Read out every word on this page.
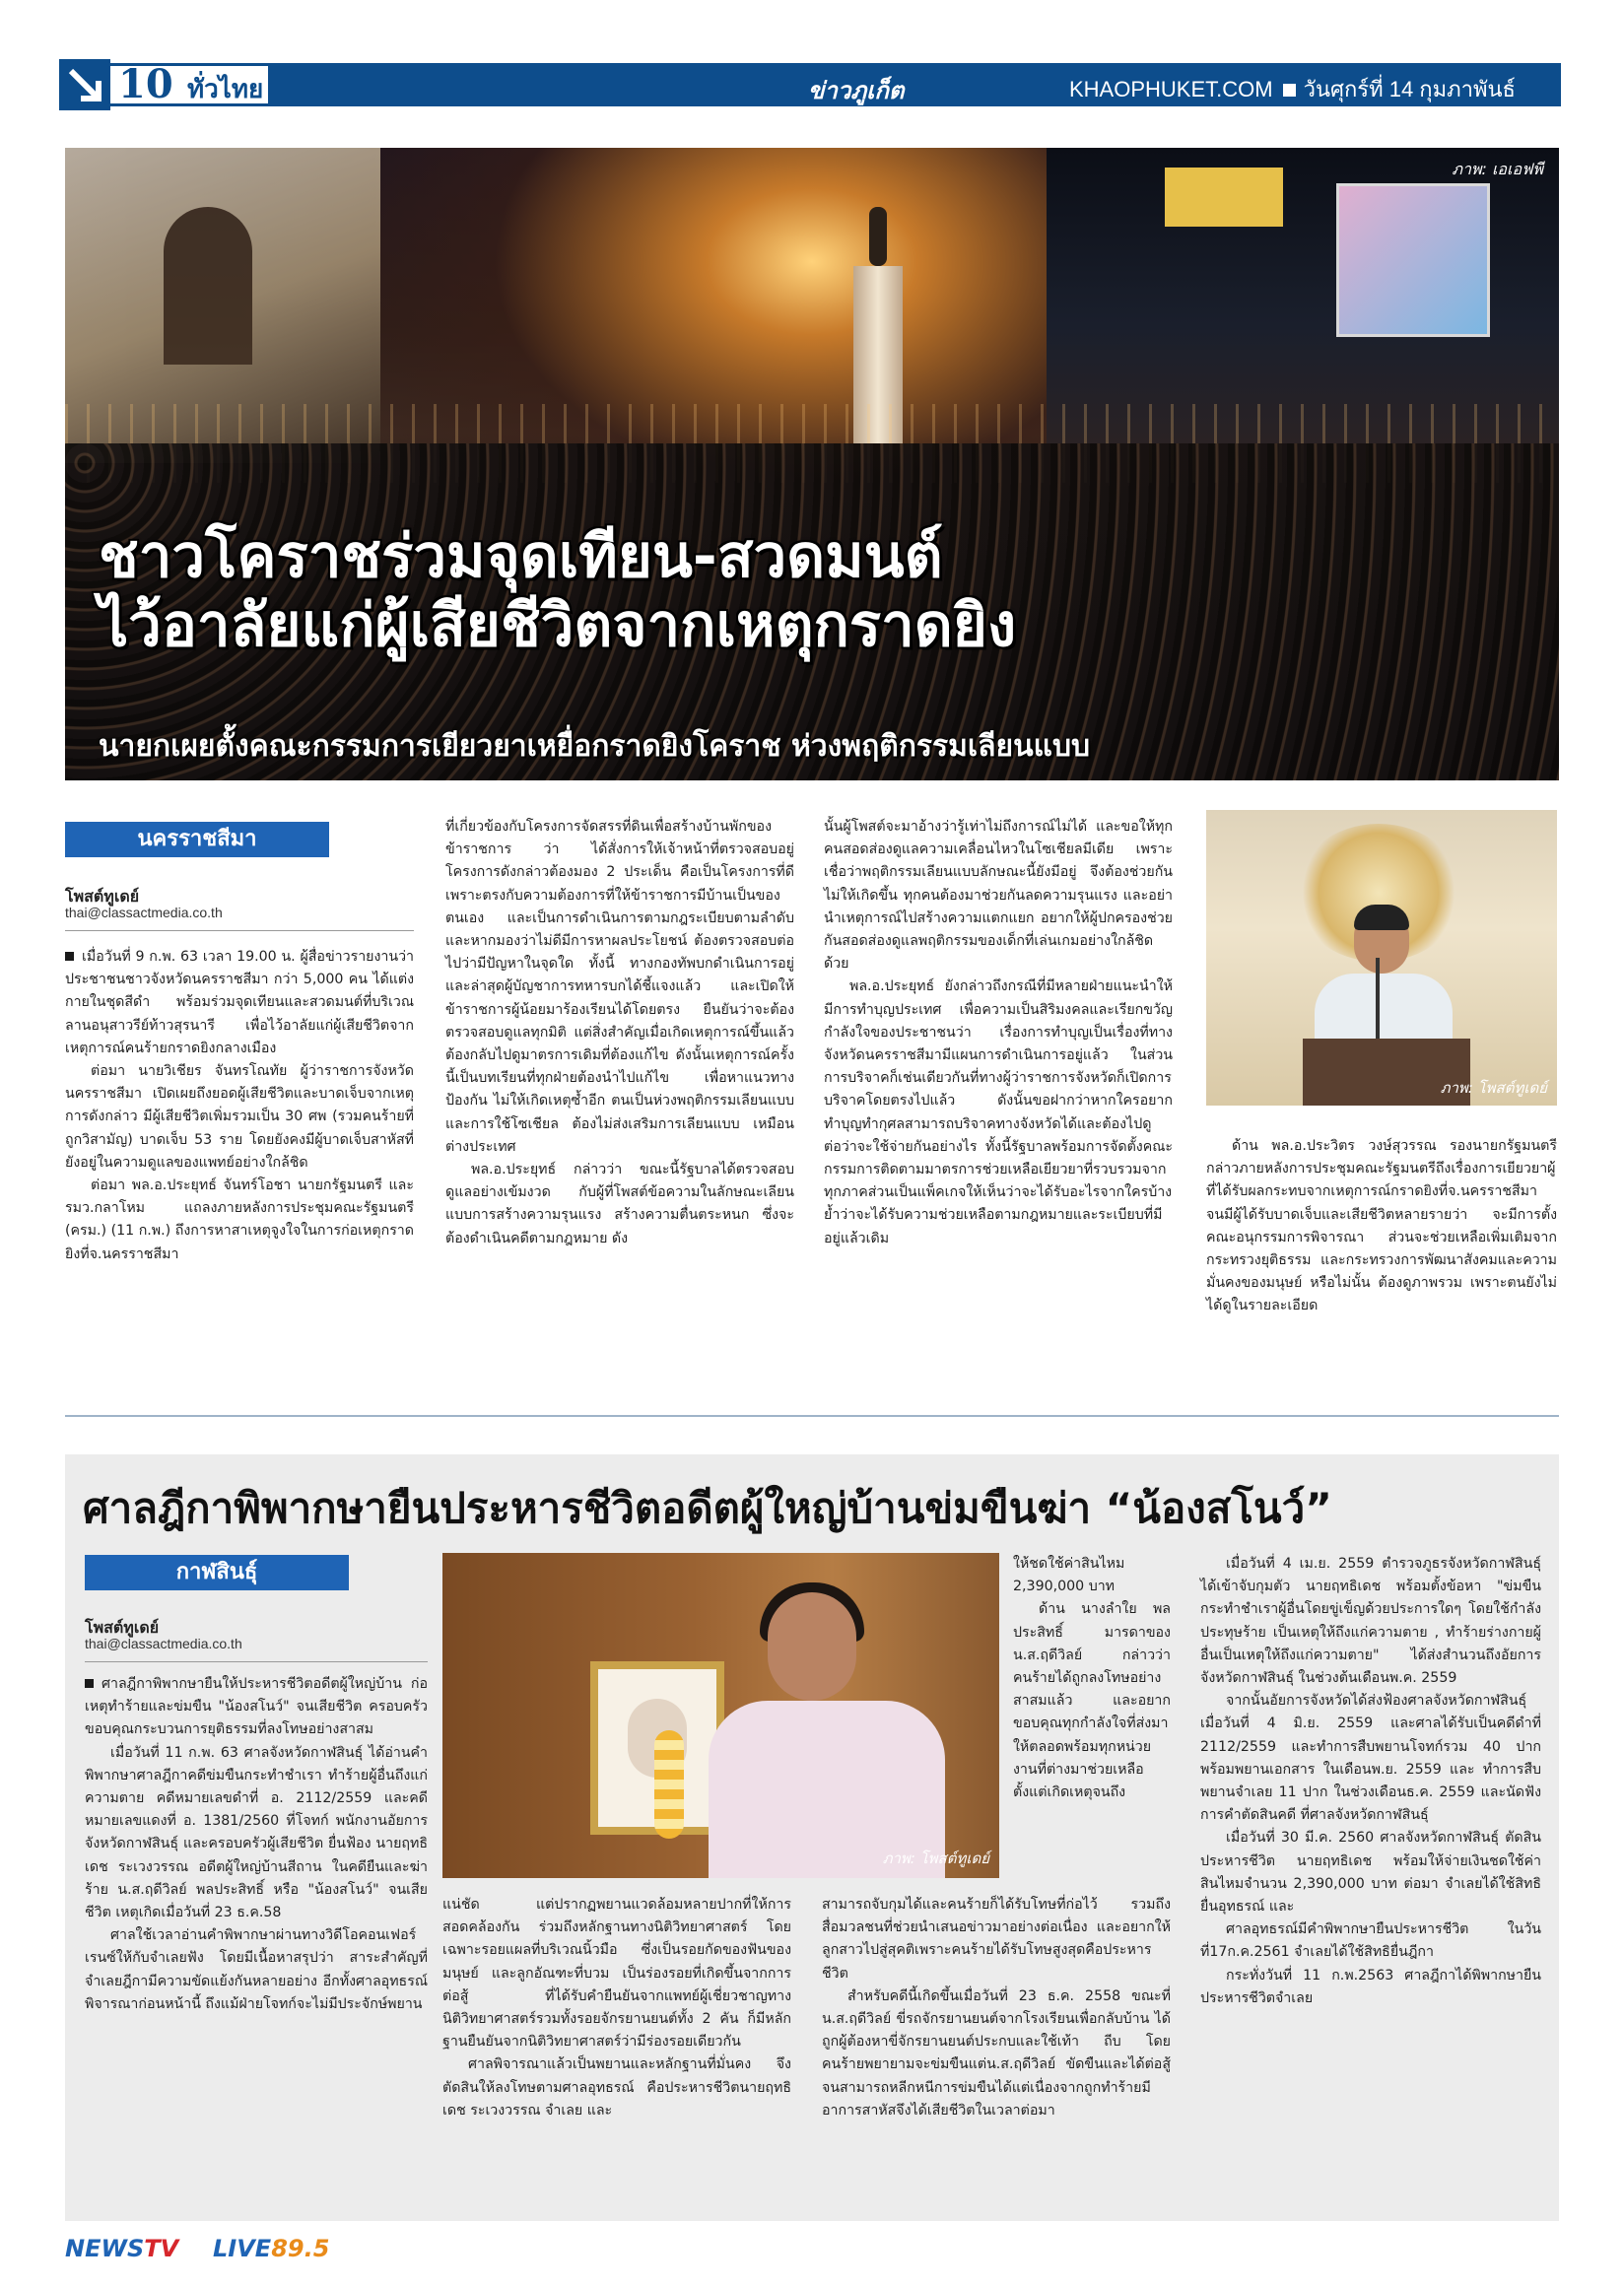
10 ทั่วไทย	ข่าวภูเก็ต	KHAOPHUKET.COM วันศุกร์ที่ 14 กุมภาพันธ์ 2563
ภาพ: เอเอฟพี
ชาวโคราชร่วมจุดเทียน-สวดมนต์
ไว้อาลัยแก่ผู้เสียชีวิตจากเหตุกราดยิง
นายกเผยตั้งคณะกรรมการเยียวยาเหยื่อกราดยิงโคราช ห่วงพฤติกรรมเลียนแบบ
นครราชสีมา
โพสต์ทูเดย์
thai@classactmedia.co.th

เมื่อวันที่ 9 ก.พ. 63 เวลา 19.00 น. ผู้สื่อข่าวรายงานว่า ประชาชนชาวจังหวัดนครราชสีมา กว่า 5,000 คน ได้แต่งกายในชุดสีดำ พร้อมร่วมจุดเทียนและสวดมนต์ที่บริเวณ ลานอนุสาวรีย์ท้าวสุรนารี เพื่อไว้อาลัยแก่ผู้เสียชีวิตจากเหตุการณ์คนร้ายกราดยิงกลางเมือง

ต่อมา นายวิเชียร จันทรโณทัย ผู้ว่าราชการจังหวัดนครราชสีมา เปิดเผยถึงยอดผู้เสียชีวิตและบาดเจ็บจากเหตุการดังกล่าว มีผู้เสียชีวิตเพิ่มรวมเป็น 30 ศพ (รวมคนร้ายที่ถูกวิสามัญ) บาดเจ็บ 53 ราย โดยยังคงมีผู้บาดเจ็บสาหัสที่ยังอยู่ในความดูแลของแพทย์อย่างใกล้ชิด

ต่อมา พล.อ.ประยุทธ์ จันทร์โอชา นายกรัฐมนตรี และรมว.กลาโหม แถลงภายหลังการประชุมคณะรัฐมนตรี (ครม.) (11 ก.พ.) ถึงการหาสาเหตุจูงใจในการก่อเหตุกราดยิงที่จ.นครราชสีมา

ที่เกี่ยวข้องกับโครงการจัดสรรที่ดินเพื่อสร้างบ้านพักของข้าราชการ ว่า ได้สั่งการให้เจ้าหน้าที่ตรวจสอบอยู่ โครงการดังกล่าวต้องมอง 2 ประเด็น คือเป็นโครงการที่ดี เพราะตรงกับความต้องการที่ให้ข้าราชการมีบ้านเป็นของตนเอง และเป็นการดำเนินการตามกฎระเบียบตามลำดับ และหากมองว่าไม่ดีมีการหาผลประโยชน์ ต้องตรวจสอบต่อไปว่ามีปัญหาในจุดใด ทั้งนี้ ทางกองทัพบกดำเนินการอยู่ และล่าสุดผู้บัญชาการทหารบกได้ชี้แจงแล้ว และเปิดให้ข้าราชการผู้น้อยมาร้องเรียนได้โดยตรง ยืนยันว่าจะต้องตรวจสอบดูแลทุกมิติ แต่สิ่งสำคัญเมื่อเกิดเหตุการณ์ขึ้นแล้ว ต้องกลับไปดูมาตรการเดิมที่ต้องแก้ไข ดังนั้นเหตุการณ์ครั้งนี้เป็นบทเรียนที่ทุกฝ่ายต้องนำไปแก้ไข เพื่อหาแนวทางป้องกัน ไม่ให้เกิดเหตุซ้ำอีก ตนเป็นห่วงพฤติกรรมเลียนแบบ และการใช้โซเชียล ต้องไม่ส่งเสริมการเลียนแบบ เหมือนต่างประเทศ

พล.อ.ประยุทธ์ กล่าวว่า ขณะนี้รัฐบาลได้ตรวจสอบดูแลอย่างเข้มงวด กับผู้ที่โพสต์ข้อความในลักษณะเลียนแบบการสร้างความรุนแรง สร้างความตื่นตระหนก ซึ่งจะต้องดำเนินคดีตามกฎหมาย ดัง

นั้นผู้โพสต์จะมาอ้างว่ารู้เท่าไม่ถึงการณ์ไม่ได้ และขอให้ทุกคนสอดส่องดูแลความเคลื่อนไหวในโซเชียลมีเดีย เพราะเชื่อว่าพฤติกรรมเลียนแบบลักษณะนี้ยังมีอยู่ จึงต้องช่วยกันไม่ให้เกิดขึ้น ทุกคนต้องมาช่วยกันลดความรุนแรง และอย่านำเหตุการณ์ไปสร้างความแตกแยก อยากให้ผู้ปกครองช่วยกันสอดส่องดูแลพฤติกรรมของเด็กที่เล่นเกมอย่างใกล้ชิดด้วย

พล.อ.ประยุทธ์ ยังกล่าวถึงกรณีที่มีหลายฝ่ายแนะนำให้มีการทำบุญประเทศ เพื่อความเป็นสิริมงคลและเรียกขวัญกำลังใจของประชาชนว่า เรื่องการทำบุญเป็นเรื่องที่ทางจังหวัดนครราชสีมามีแผนการดำเนินการอยู่แล้ว ในส่วนการบริจาคก็เช่นเดียวกันที่ทางผู้ว่าราชการจังหวัดก็เปิดการบริจาคโดยตรงไปแล้ว ดังนั้นขอฝากว่าหากใครอยากทำบุญทำกุศลสามารถบริจาคทางจังหวัดได้และต้องไปดูต่อว่าจะใช้จ่ายกันอย่างไร ทั้งนี้รัฐบาลพร้อมการจัดตั้งคณะกรรมการติดตามมาตรการช่วยเหลือเยียวยาที่รวบรวมจากทุกภาคส่วนเป็นแพ็คเกจให้เห็นว่าจะได้รับอะไรจากใครบ้าง ย้ำว่าจะได้รับความช่วยเหลือตามกฎหมายและระเบียบที่มีอยู่แล้วเดิม

ภาพ: โพสต์ทูเดย์

ด้าน พล.อ.ประวิตร วงษ์สุวรรณ รองนายกรัฐมนตรี กล่าวภายหลังการประชุมคณะรัฐมนตรีถึงเรื่องการเยียวยาผู้ที่ได้รับผลกระทบจากเหตุการณ์กราดยิงที่จ.นครราชสีมา จนมีผู้ได้รับบาดเจ็บและเสียชีวิตหลายรายว่า จะมีการตั้งคณะอนุกรรมการพิจารณา ส่วนจะช่วยเหลือเพิ่มเติมจากกระทรวงยุติธรรม และกระทรวงการพัฒนาสังคมและความมั่นคงของมนุษย์ หรือไม่นั้น ต้องดูภาพรวม เพราะตนยังไม่ได้ดูในรายละเอียด

ศาลฎีกาพิพากษายืนประหารชีวิตอดีตผู้ใหญ่บ้านข่มขืนฆ่า “น้องสโนว์”
กาฬสินธุ์
โพสต์ทูเดย์
thai@classactmedia.co.th

ศาลฎีกาพิพากษายืนให้ประหารชีวิตอดีตผู้ใหญ่บ้าน ก่อเหตุทำร้ายและข่มขืน "น้องสโนว์" จนเสียชีวิต ครอบครัวขอบคุณกระบวนการยุติธรรมที่ลงโทษอย่างสาสม

เมื่อวันที่ 11 ก.พ. 63 ศาลจังหวัดกาฬสินธุ์ ได้อ่านคำพิพากษาศาลฎีกาคดีข่มขืนกระทำชำเรา ทำร้ายผู้อื่นถึงแก่ความตาย คดีหมายเลขดำที่ อ. 2112/2559 และคดีหมายเลขแดงที่ อ. 1381/2560 ที่โจทก์ พนักงานอัยการจังหวัดกาฬสินธุ์ และครอบครัวผู้เสียชีวิต ยื่นฟ้อง นายฤทธิเดช ระเวงวรรณ อดีตผู้ใหญ่บ้านสีถาน ในคดียืนและฆ่าร้าย น.ส.ฤดีวิลย์ พลประสิทธิ์ หรือ "น้องสโนว์" จนเสียชีวิต เหตุเกิดเมื่อวันที่ 23 ธ.ค.58

ศาลใช้เวลาอ่านคำพิพากษาผ่านทางวิดีโอคอนเฟอร์เรนซ์ให้กับจำเลยฟัง โดยมีเนื้อหาสรุปว่า สาระสำคัญที่จำเลยฎีกามีความขัดแย้งกันหลายอย่าง อีกทั้งศาลอุทธรณ์พิจารณาก่อนหน้านี้ ถึงแม้ฝ่ายโจทก์จะไม่มีประจักษ์พยาน

ภาพ: โพสต์ทูเดย์

แน่ชัด แต่ปรากฏพยานแวดล้อมหลายปากที่ให้การสอดคล้องกัน ร่วมถึงหลักฐานทางนิติวิทยาศาสตร์ โดยเฉพาะรอยแผลที่บริเวณนิ้วมือ ซึ่งเป็นรอยกัดของฟันของมนุษย์ และลูกอัณฑะที่บวม เป็นร่องรอยที่เกิดขึ้นจากการต่อสู้ ที่ได้รับคำยืนยันจากแพทย์ผู้เชี่ยวชาญทางนิติวิทยาศาสตร์รวมทั้งรอยจักรยานยนต์ทั้ง 2 คัน ก็มีหลักฐานยืนยันจากนิติวิทยาศาสตร์ว่ามีร่องรอยเดียวกัน

ศาลพิจารณาแล้วเป็นพยานและหลักฐานที่มั่นคง จึงตัดสินให้ลงโทษตามศาลอุทธรณ์ คือประหารชีวิตนายฤทธิเดช ระเวงวรรณ จำเลย และ

ให้ชดใช้ค่าสินไหม 2,390,000 บาท

ด้าน นางลำใย พลประสิทธิ์ มารดาของ น.ส.ฤดีวิลย์ กล่าวว่า คนร้ายได้ถูกลงโทษอย่างสาสมแล้ว และอยากขอบคุณทุกกำลังใจที่ส่งมาให้ตลอดพร้อมทุกหน่วยงานที่ต่างมาช่วยเหลือตั้งแต่เกิดเหตุจนถึง

สามารถจับกุมได้และคนร้ายก็ได้รับโทษที่ก่อไว้ รวมถึงสื่อมวลชนที่ช่วยนำเสนอข่าวมาอย่างต่อเนื่อง และอยากให้ลูกสาวไปสู่สุคติเพราะคนร้ายได้รับโทษสูงสุดคือประหารชีวิต

สำหรับคดีนี้เกิดขึ้นเมื่อวันที่ 23 ธ.ค. 2558 ขณะที่ น.ส.ฤดีวิลย์ ขี่รถจักรยานยนต์จากโรงเรียนเพื่อกลับบ้าน ได้ถูกผู้ต้องหาขี่จักรยานยนต์ประกบและใช้เท้า ถีบ โดยคนร้ายพยายามจะข่มขืนแต่น.ส.ฤดีวิลย์ ขัดขืนและได้ต่อสู้จนสามารถหลีกหนีการข่มขืนได้แต่เนื่องจากถูกทำร้ายมีอาการสาหัสจึงได้เสียชีวิตในเวลาต่อมา

เมื่อวันที่ 4 เม.ย. 2559 ตำรวจภูธรจังหวัดกาฬสินธุ์ ได้เข้าจับกุมตัว นายฤทธิเดช พร้อมตั้งข้อหา "ข่มขืนกระทำชำเราผู้อื่นโดยขู่เข็ญด้วยประการใดๆ โดยใช้กำลังประทุษร้าย เป็นเหตุให้ถึงแก่ความตาย , ทำร้ายร่างกายผู้อื่นเป็นเหตุให้ถึงแก่ความตาย" ได้ส่งสำนวนถึงอัยการจังหวัดกาฬสินธุ์ ในช่วงต้นเดือนพ.ค. 2559

จากนั้นอัยการจังหวัดได้ส่งฟ้องศาลจังหวัดกาฬสินธุ์ เมื่อวันที่ 4 มิ.ย. 2559 และศาลได้รับเป็นคดีดำที่ 2112/2559 และทำการสืบพยานโจทก์รวม 40 ปากพร้อมพยานเอกสาร ในเดือนพ.ย. 2559 และ ทำการสืบพยานจำเลย 11 ปาก ในช่วงเดือนธ.ค. 2559 และนัดฟังการคำตัดสินคดี ที่ศาลจังหวัดกาฬสินธุ์

เมื่อวันที่ 30 มี.ค. 2560 ศาลจังหวัดกาฬสินธุ์ ตัดสินประหารชีวิต นายฤทธิเดช พร้อมให้จ่ายเงินชดใช้ค่าสินไหมจำนวน 2,390,000 บาท ต่อมา จำเลยได้ใช้สิทธิยื่นอุทธรณ์ และ

ศาลอุทธรณ์มีคำพิพากษายืนประหารชีวิต ในวันที่17ก.ค.2561 จำเลยได้ใช้สิทธิยื่นฎีกา

กระทั่งวันที่ 11 ก.พ.2563 ศาลฎีกาได้พิพากษายืนประหารชีวิตจำเลย

NEWSTV LIVE89.5
